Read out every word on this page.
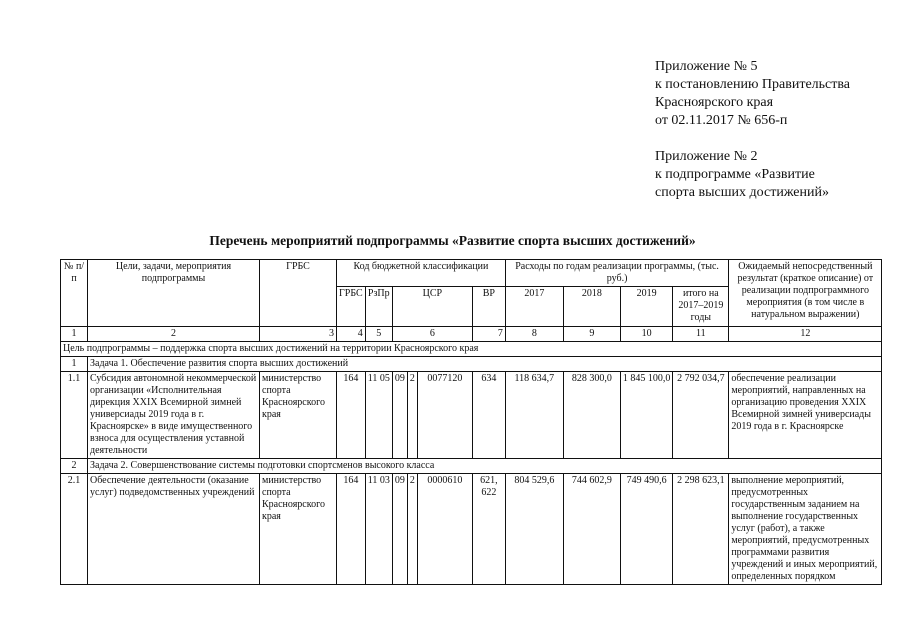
Приложение № 5
к постановлению Правительства
Красноярского края
от 02.11.2017 № 656-п
Приложение № 2
к подпрограмме «Развитие
спорта высших достижений»
Перечень мероприятий подпрограммы «Развитие спорта высших достижений»
№ п/п	Цели, задачи, мероприятия подпрограммы	ГРБС	Код бюджетной классификации						Расходы по годам реализации программы, (тыс. руб.)				Ожидаемый непосредственный результат (краткое описание) от реализации подпрограммного мероприятия (в том числе в натуральном выражении)
			ГРБС	РзПр	ЦСР			ВР	2017	2018	2019	итого на 2017–2019 годы	
1	2	3	4	5	6			7	8	9	10	11	12
Цель подпрограммы – поддержка спорта высших достижений на территории Красноярского края													
1	Задача 1. Обеспечение развития спорта высших достижений												
1.1	Субсидия автономной некоммерческой организации «Исполнительная дирекция XXIX Всемирной зимней универсиады 2019 года в г. Красноярске» в виде имущественного взноса для осуществления уставной деятельности	министерство спорта Красноярского края	164	11 05	09	2	0077120	634	118 634,7	828 300,0	1 845 100,0	2 792 034,7	обеспечение реализации мероприятий, направленных на организацию проведения XXIX Всемирной зимней универсиады 2019 года в г. Красноярске
2	Задача 2. Совершенствование системы подготовки спортсменов высокого класса												
2.1	Обеспечение деятельности (оказание услуг) подведомственных учреждений	министерство спорта Красноярского края	164	11 03	09	2	0000610	621, 622	804 529,6	744 602,9	749 490,6	2 298 623,1	выполнение мероприятий, предусмотренных государственным заданием на выполнение государственных услуг (работ), а также мероприятий, предусмотренных программами развития учреждений и иных мероприятий, определенных порядком
